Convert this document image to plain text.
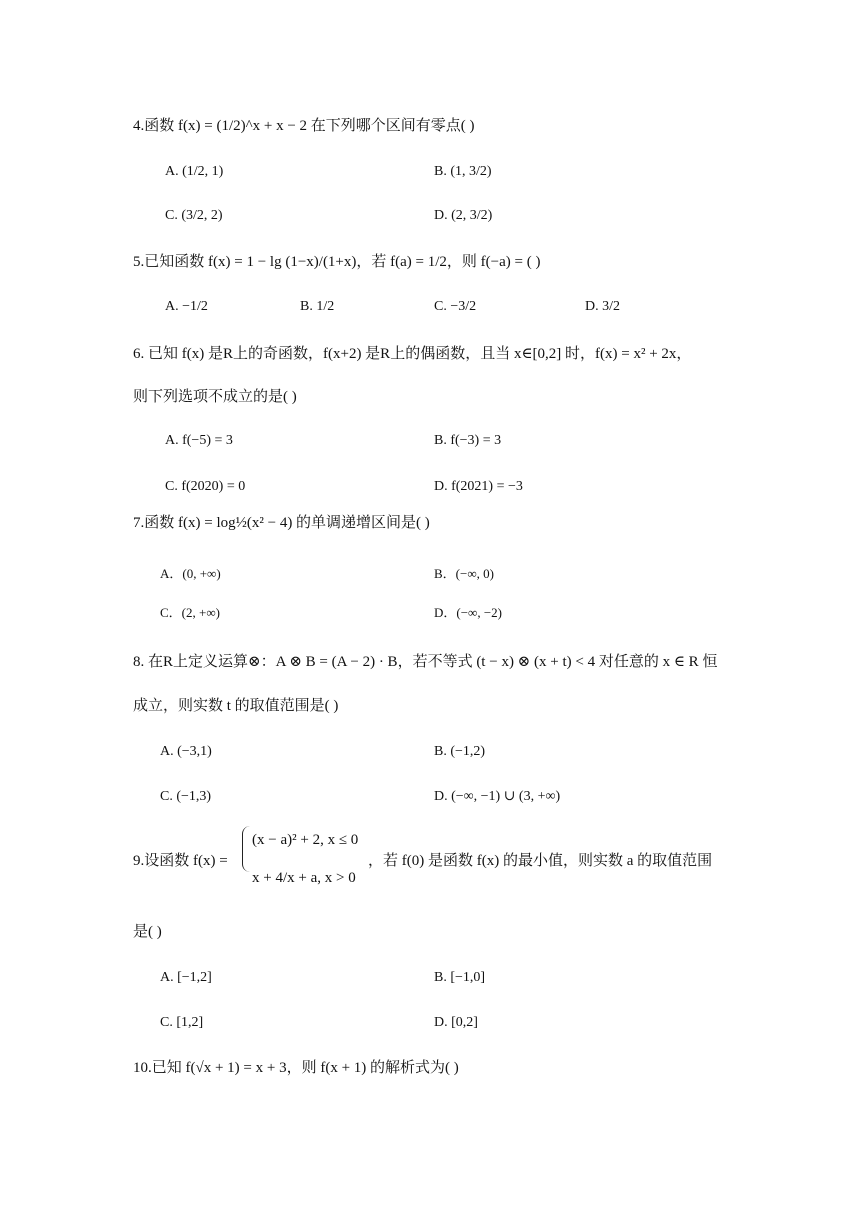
4.函数 f(x) = (1/2)^x + x − 2 在下列哪个区间有零点( )
A. (1/2, 1)	B. (1, 3/2)
C. (3/2, 2)	D. (2, 3/2)
5.已知函数 f(x) = 1 − lg (1−x)/(1+x)，若 f(a) = 1/2，则 f(−a) = ( )
A. −1/2	B. 1/2	C. −3/2	D. 3/2
6. 已知 f(x) 是R上的奇函数，f(x+2) 是R上的偶函数，且当 x∈[0,2] 时，f(x) = x² + 2x，
则下列选项不成立的是( )
A. f(−5) = 3	B. f(−3) = 3
C. f(2020) = 0	D. f(2021) = −3
7.函数 f(x) = log½(x² − 4) 的单调递增区间是( )
A．(0, +∞)	B．(−∞, 0)
C．(2, +∞)	D．(−∞, −2)
8. 在R上定义运算⊗：A ⊗ B = (A − 2) · B，若不等式 (t − x) ⊗ (x + t) < 4 对任意的 x ∈ R 恒
成立，则实数 t 的取值范围是( )
A. (−3,1)	B. (−1,2)
C. (−1,3)	D. (−∞, −1) ∪ (3, +∞)
9.设函数 f(x) =
(x − a)² + 2, x ≤ 0
x + 4/x + a, x > 0
，若 f(0) 是函数 f(x) 的最小值，则实数 a 的取值范围
是( )
A. [−1,2]	B. [−1,0]
C. [1,2]	D. [0,2]
10.已知 f(√x + 1) = x + 3，则 f(x + 1) 的解析式为( )
